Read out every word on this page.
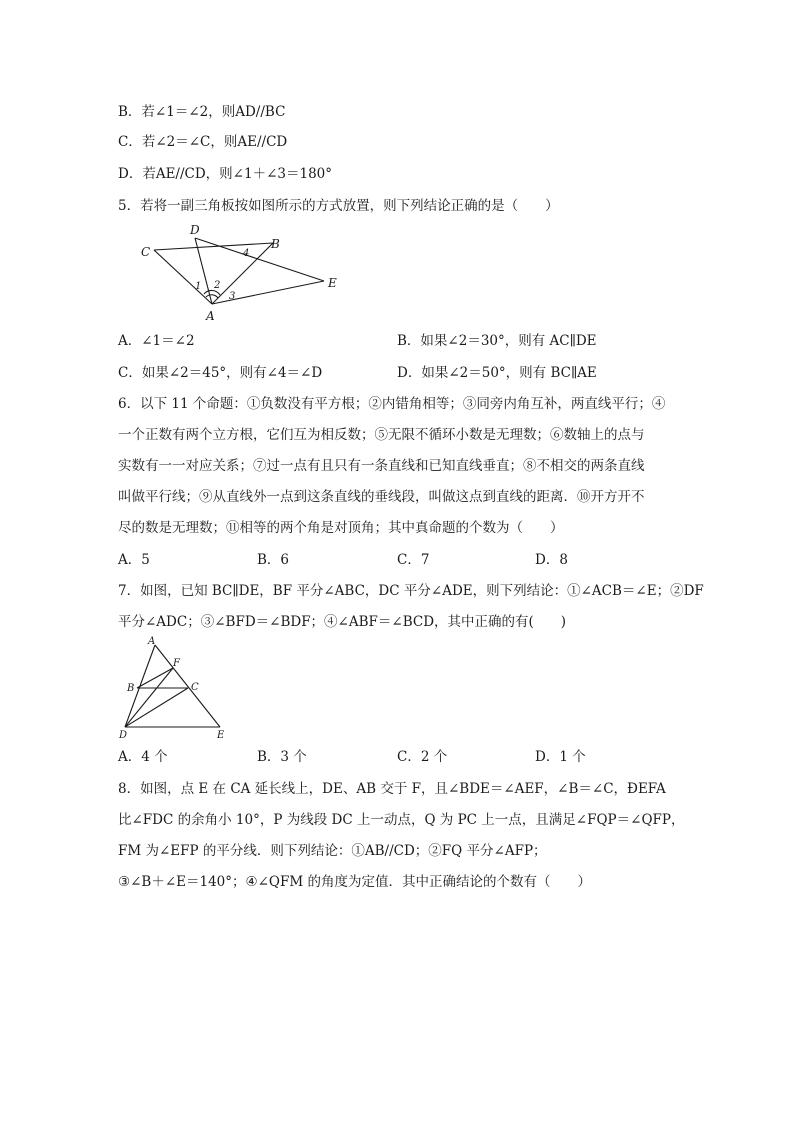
B．若∠1＝∠2，则AD//BC
C．若∠2＝∠C，则AE//CD
D．若AE//CD，则∠1＋∠3＝180°
5．若将一副三角板按如图所示的方式放置，则下列结论正确的是（　　）
D
B
C
E
A
1 2
3
4
A．∠1＝∠2	B．如果∠2＝30°，则有 AC∥DE
C．如果∠2＝45°，则有∠4＝∠D	D．如果∠2＝50°，则有 BC∥AE
6．以下 11 个命题：①负数没有平方根；②内错角相等；③同旁内角互补，两直线平行；④
一个正数有两个立方根，它们互为相反数；⑤无限不循环小数是无理数；⑥数轴上的点与
实数有一一对应关系；⑦过一点有且只有一条直线和已知直线垂直；⑧不相交的两条直线
叫做平行线；⑨从直线外一点到这条直线的垂线段，叫做这点到直线的距离．⑩开方开不
尽的数是无理数；⑪相等的两个角是对顶角；其中真命题的个数为（　　）
A．5	B．6	C．7	D．8
7．如图，已知 BC∥DE，BF 平分∠ABC，DC 平分∠ADE，则下列结论：①∠ACB＝∠E；②DF
平分∠ADC；③∠BFD＝∠BDF；④∠ABF＝∠BCD，其中正确的有(　　)
A
F
B	C
D	E
A．4 个	B．3 个	C．2 个	D．1 个
8．如图，点 E 在 CA 延长线上，DE、AB 交于 F，且∠BDE＝∠AEF，∠B＝∠C，ÐEFA
比∠FDC 的余角小 10°，P 为线段 DC 上一动点，Q 为 PC 上一点，且满足∠FQP＝∠QFP，
FM 为∠EFP 的平分线．则下列结论：①AB//CD；②FQ 平分∠AFP；
③∠B＋∠E＝140°；④∠QFM 的角度为定值．其中正确结论的个数有（　　）
